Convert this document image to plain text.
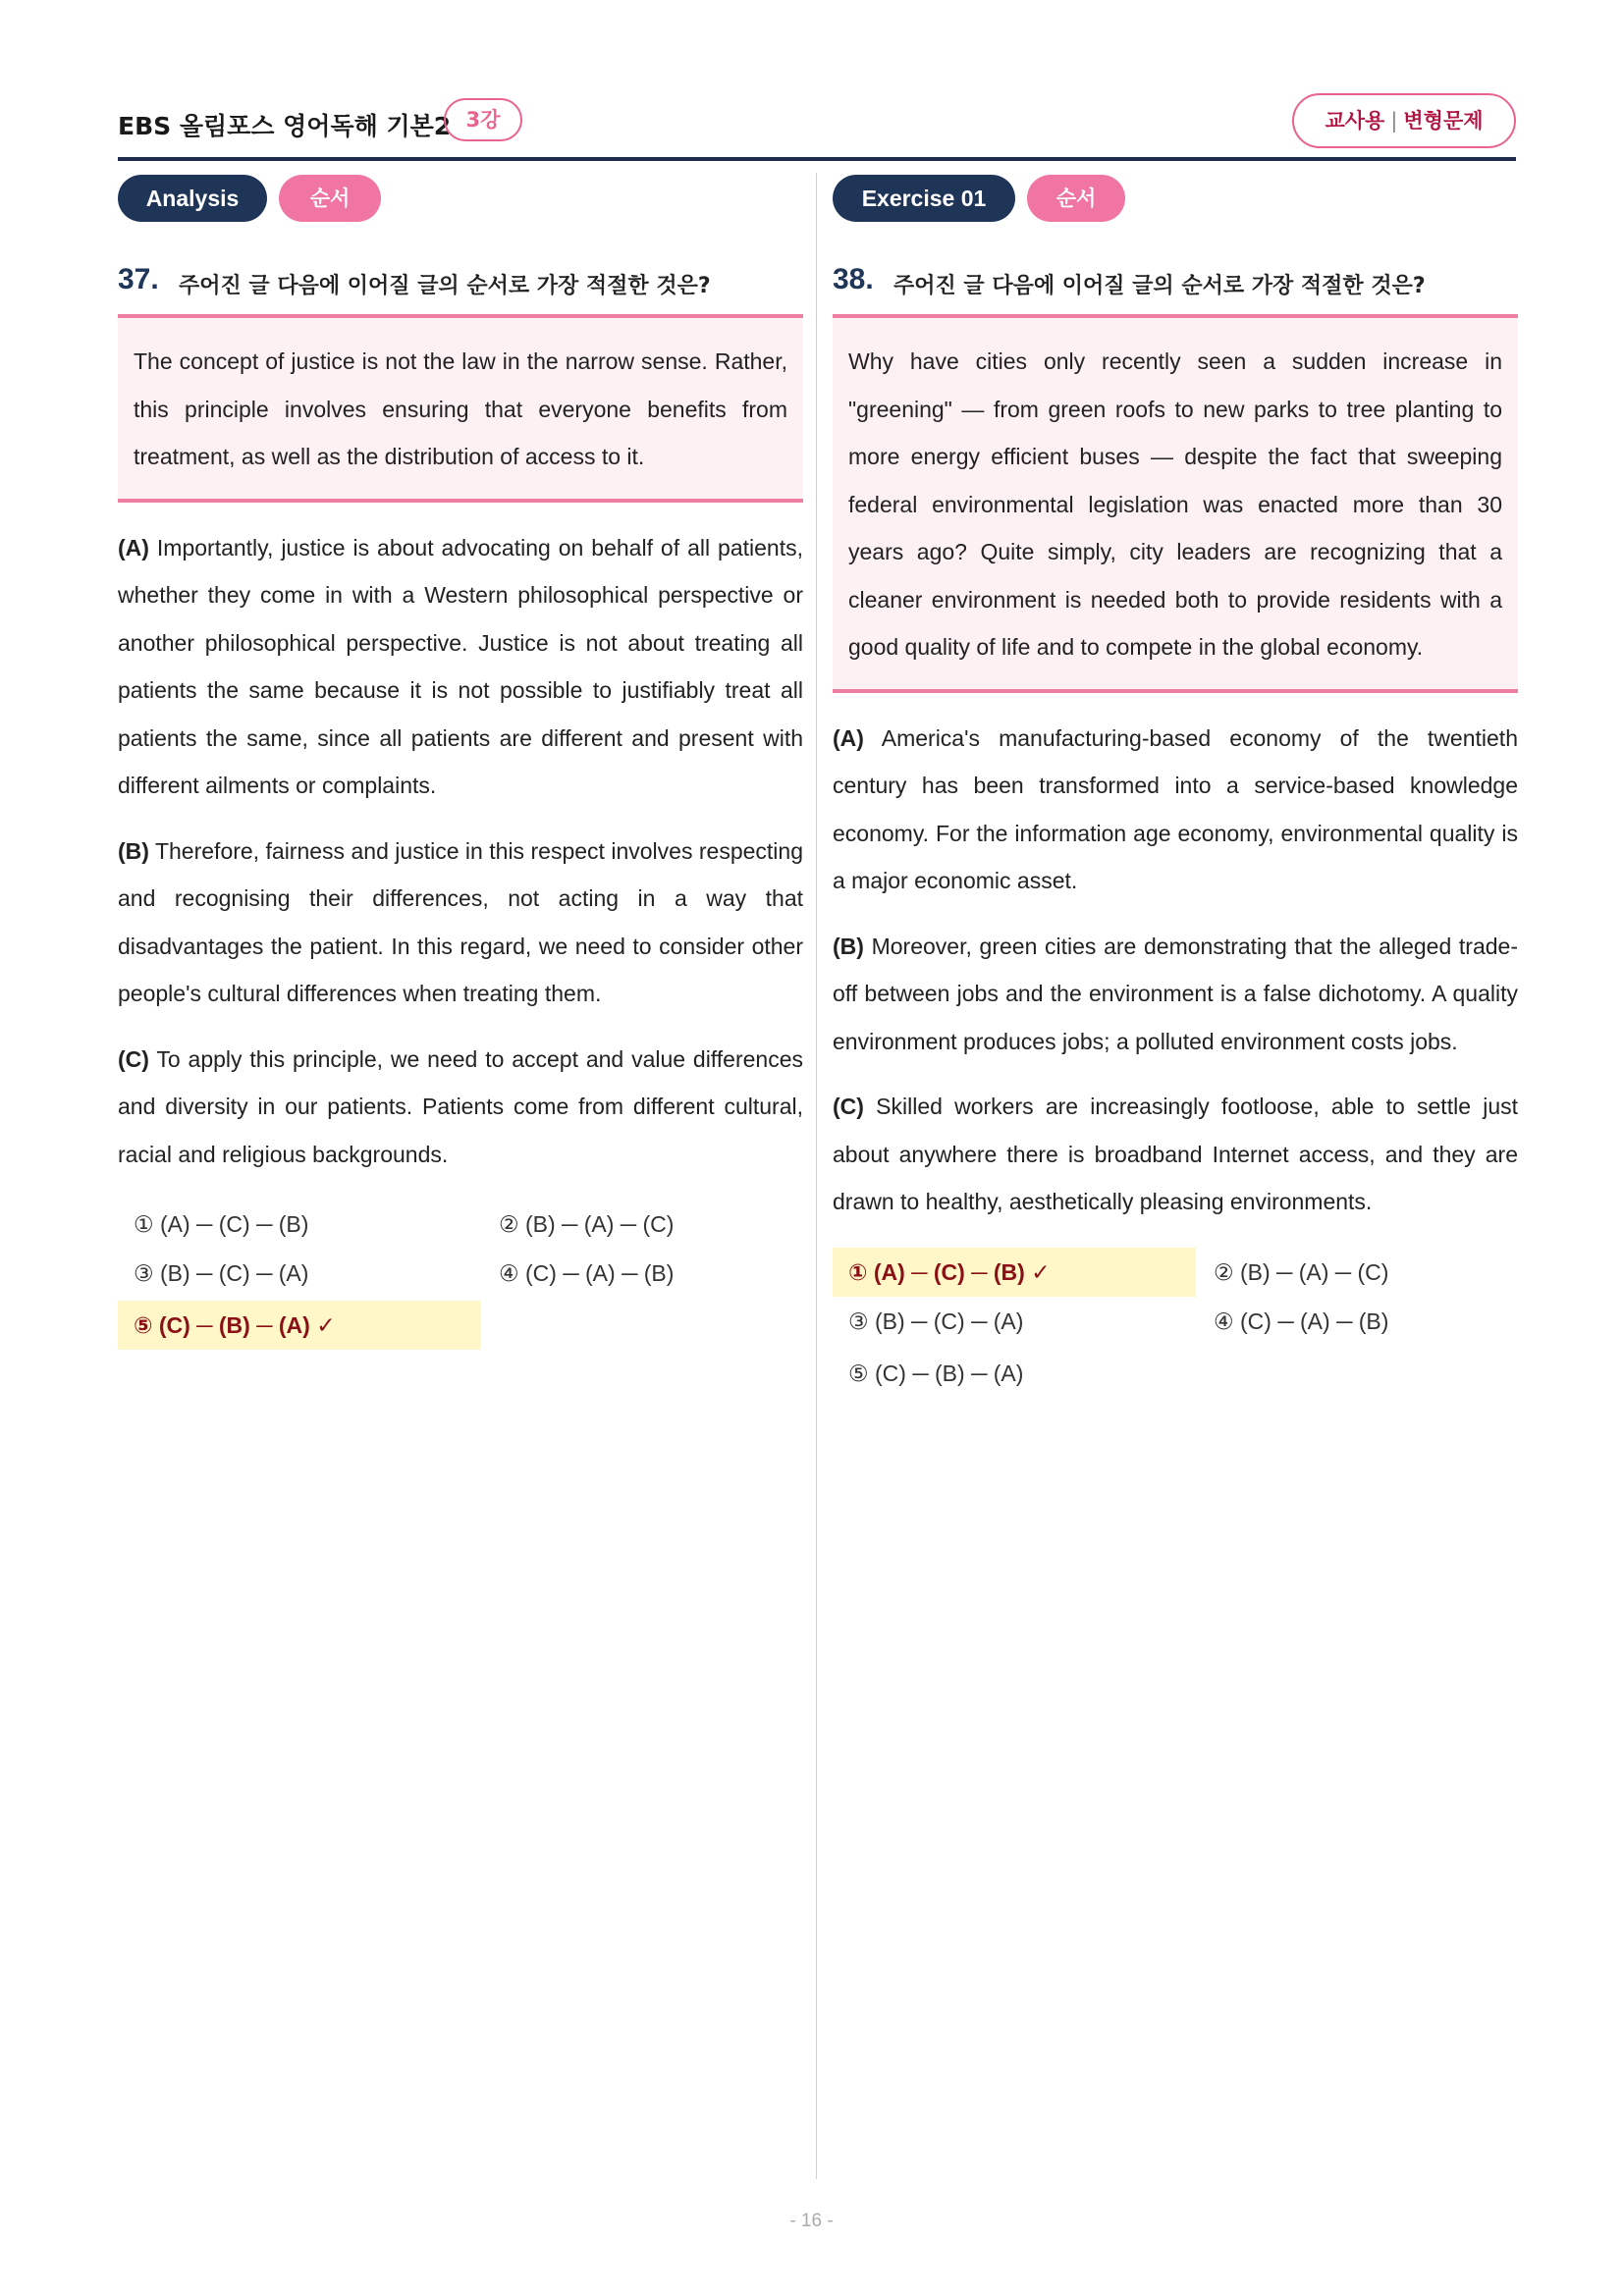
EBS 올림포스 영어독해 기본2 3강	교사용 | 변형문제
Analysis	순서
37. 주어진 글 다음에 이어질 글의 순서로 가장 적절한 것은?
The concept of justice is not the law in the narrow sense. Rather, this principle involves ensuring that everyone benefits from treatment, as well as the distribution of access to it.
(A) Importantly, justice is about advocating on behalf of all patients, whether they come in with a Western philosophical perspective or another philosophical perspective. Justice is not about treating all patients the same because it is not possible to justifiably treat all patients the same, since all patients are different and present with different ailments or complaints.
(B) Therefore, fairness and justice in this respect involves respecting and recognising their differences, not acting in a way that disadvantages the patient. In this regard, we need to consider other people's cultural differences when treating them.
(C) To apply this principle, we need to accept and value differences and diversity in our patients. Patients come from different cultural, racial and religious backgrounds.
① (A) ─ (C) ─ (B)	② (B) ─ (A) ─ (C)
③ (B) ─ (C) ─ (A)	④ (C) ─ (A) ─ (B)
⑤ (C) ─ (B) ─ (A) ✓
Exercise 01	순서
38. 주어진 글 다음에 이어질 글의 순서로 가장 적절한 것은?
Why have cities only recently seen a sudden increase in "greening" ― from green roofs to new parks to tree planting to more energy efficient buses ― despite the fact that sweeping federal environmental legislation was enacted more than 30 years ago? Quite simply, city leaders are recognizing that a cleaner environment is needed both to provide residents with a good quality of life and to compete in the global economy.
(A) America's manufacturing-based economy of the twentieth century has been transformed into a service-based knowledge economy. For the information age economy, environmental quality is a major economic asset.
(B) Moreover, green cities are demonstrating that the alleged trade-off between jobs and the environment is a false dichotomy. A quality environment produces jobs; a polluted environment costs jobs.
(C) Skilled workers are increasingly footloose, able to settle just about anywhere there is broadband Internet access, and they are drawn to healthy, aesthetically pleasing environments.
① (A) ─ (C) ─ (B) ✓	② (B) ─ (A) ─ (C)
③ (B) ─ (C) ─ (A)	④ (C) ─ (A) ─ (B)
⑤ (C) ─ (B) ─ (A)
- 16 -
